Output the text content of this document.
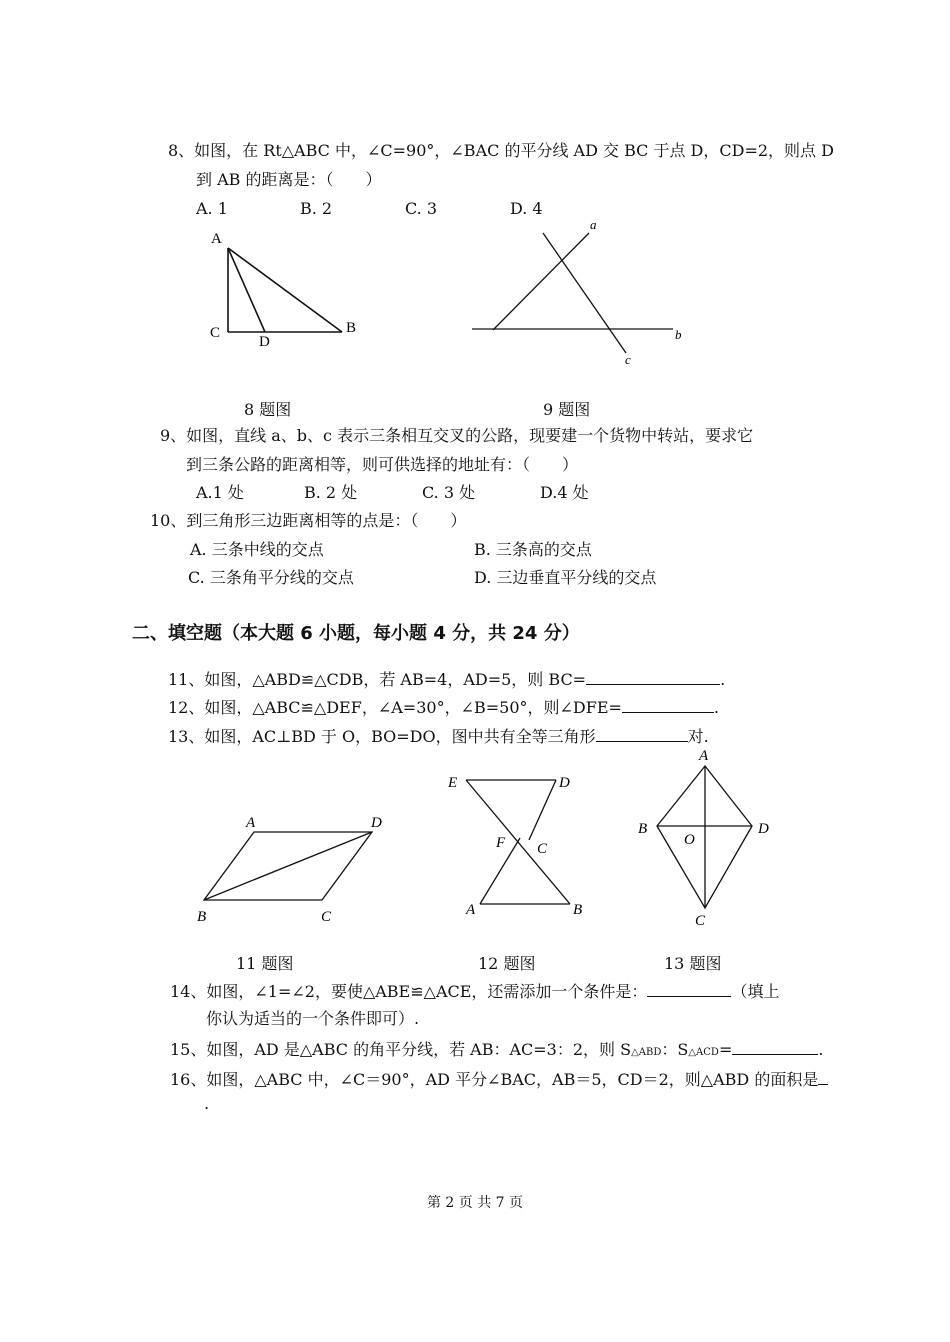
8、如图，在 Rt△ABC 中，∠C=90°，∠BAC 的平分线 AD 交 BC 于点 D，CD=2，则点 D
到 AB 的距离是：（　　）
A. 1	B. 2	C. 3	D. 4
A
C
D
B
a
b
c
8 题图	9 题图
9、如图，直线 a、b、c 表示三条相互交叉的公路，现要建一个货物中转站，要求它
到三条公路的距离相等，则可供选择的地址有：（　　）
A.1 处	B. 2 处	C. 3 处	D.4 处
10、到三角形三边距离相等的点是：（　　）
A. 三条中线的交点	B. 三条高的交点
C. 三条角平分线的交点	D. 三边垂直平分线的交点
二、填空题（本大题 6 小题，每小题 4 分，共 24 分）
11、如图，△ABD≌△CDB，若 AB=4，AD=5，则 BC=	.
12、如图，△ABC≌△DEF，∠A=30°，∠B=50°，则∠DFE=	.
13、如图，AC⊥BD 于 O，BO=DO，图中共有全等三角形	对.
A	D
B	C
E	D
F C
A	B
A
B
O
D
C
11 题图	12 题图	13 题图
14、如图，∠1=∠2，要使△ABE≌△ACE，还需添加一个条件是：	（填上
你认为适当的一个条件即可）.
15、如图，AD 是△ABC 的角平分线，若 AB：AC=3：2，则 S△ABD：S△ACD=	.
16、如图，△ABC 中，∠C＝90°，AD 平分∠BAC，AB＝5，CD＝2，则△ABD 的面积是
.
第 2 页 共 7 页
